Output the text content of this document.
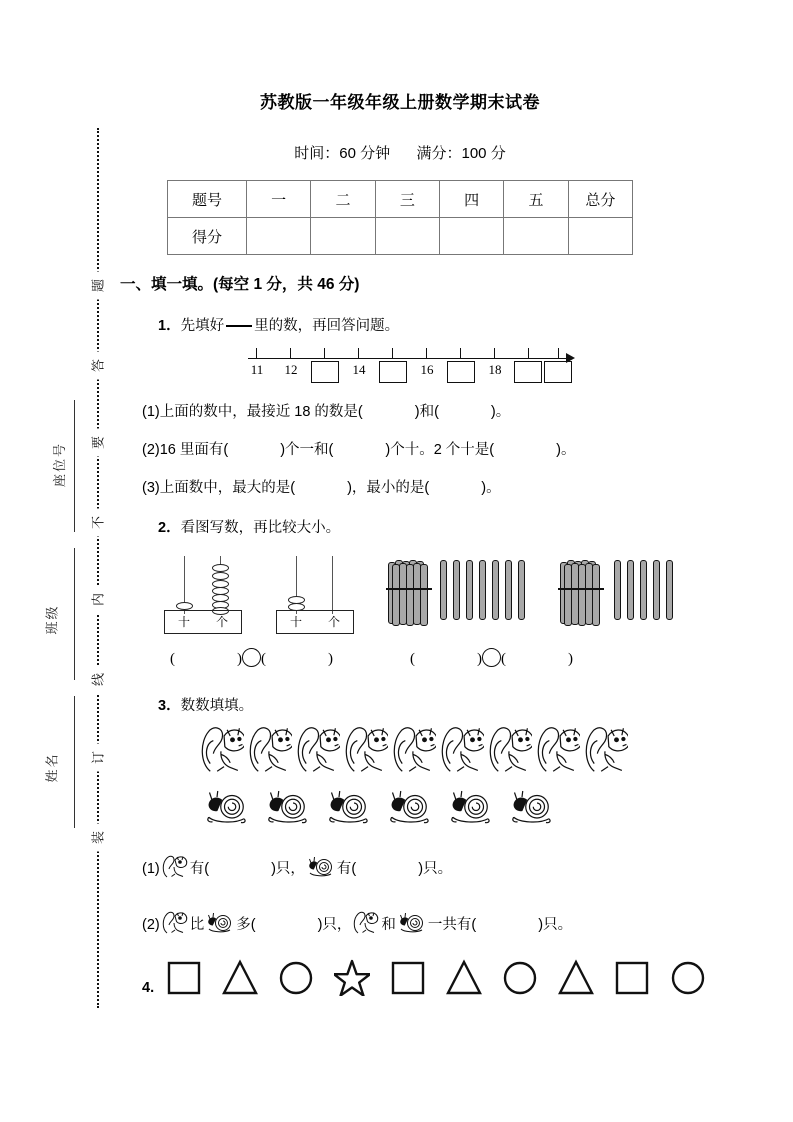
题
答
要
不
内
线
订
装
座位号
班级
姓名
苏教版一年级年级上册数学期末试卷
时间：60 分钟 满分：100 分
题号	一	二	三	四	五	总分
得分						
一、填一填。(每空 1 分，共 46 分)
1．先填好 里的数，再回答问题。
11	12	14	16	18
(1)上面的数中，最接近 18 的数是(	)和(	)。
(2)16 里面有(	)个一和(	)个十。2 个十是(	)。
(3)上面数中，最大的是(	)，最小的是(	)。
2．看图写数，再比较大小。
十	个	十	个
(	) (	)	(	) (	)
3．数数填填。
(1) 有(	)只， 有(	)只。
(2) 比 多(	)只， 和 一共有(	)只。
4.
